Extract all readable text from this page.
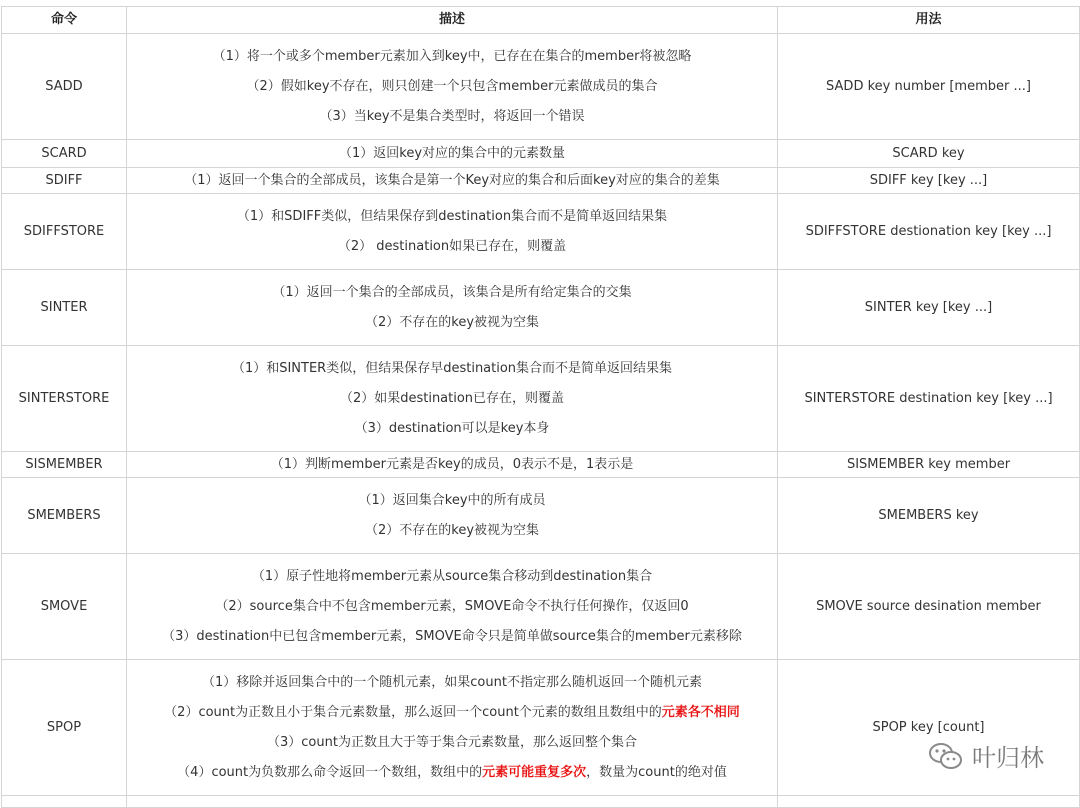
命令	描述	用法
SADD	（1）将一个或多个member元素加入到key中，已存在在集合的member将被忽略
（2）假如key不存在，则只创建一个只包含member元素做成员的集合
（3）当key不是集合类型时，将返回一个错误	SADD key number [member ...]
SCARD	（1）返回key对应的集合中的元素数量	SCARD key
SDIFF	（1）返回一个集合的全部成员，该集合是第一个Key对应的集合和后面key对应的集合的差集	SDIFF key [key ...]
SDIFFSTORE	（1）和SDIFF类似，但结果保存到destination集合而不是简单返回结果集
（2） destination如果已存在，则覆盖	SDIFFSTORE destionation key [key ...]
SINTER	（1）返回一个集合的全部成员，该集合是所有给定集合的交集
（2）不存在的key被视为空集	SINTER key [key ...]
SINTERSTORE	（1）和SINTER类似，但结果保存早destination集合而不是简单返回结果集
（2）如果destination已存在，则覆盖
（3）destination可以是key本身	SINTERSTORE destination key [key ...]
SISMEMBER	（1）判断member元素是否key的成员，0表示不是，1表示是	SISMEMBER key member
SMEMBERS	（1）返回集合key中的所有成员
（2）不存在的key被视为空集	SMEMBERS key
SMOVE	（1）原子性地将member元素从source集合移动到destination集合
（2）source集合中不包含member元素，SMOVE命令不执行任何操作，仅返回0
（3）destination中已包含member元素，SMOVE命令只是简单做source集合的member元素移除	SMOVE source desination member
SPOP	（1）移除并返回集合中的一个随机元素，如果count不指定那么随机返回一个随机元素
（2）count为正数且小于集合元素数量，那么返回一个count个元素的数组且数组中的元素各不相同
（3）count为正数且大于等于集合元素数量，那么返回整个集合
（4）count为负数那么命令返回一个数组，数组中的元素可能重复多次，数量为count的绝对值	SPOP key [count]

叶归林
